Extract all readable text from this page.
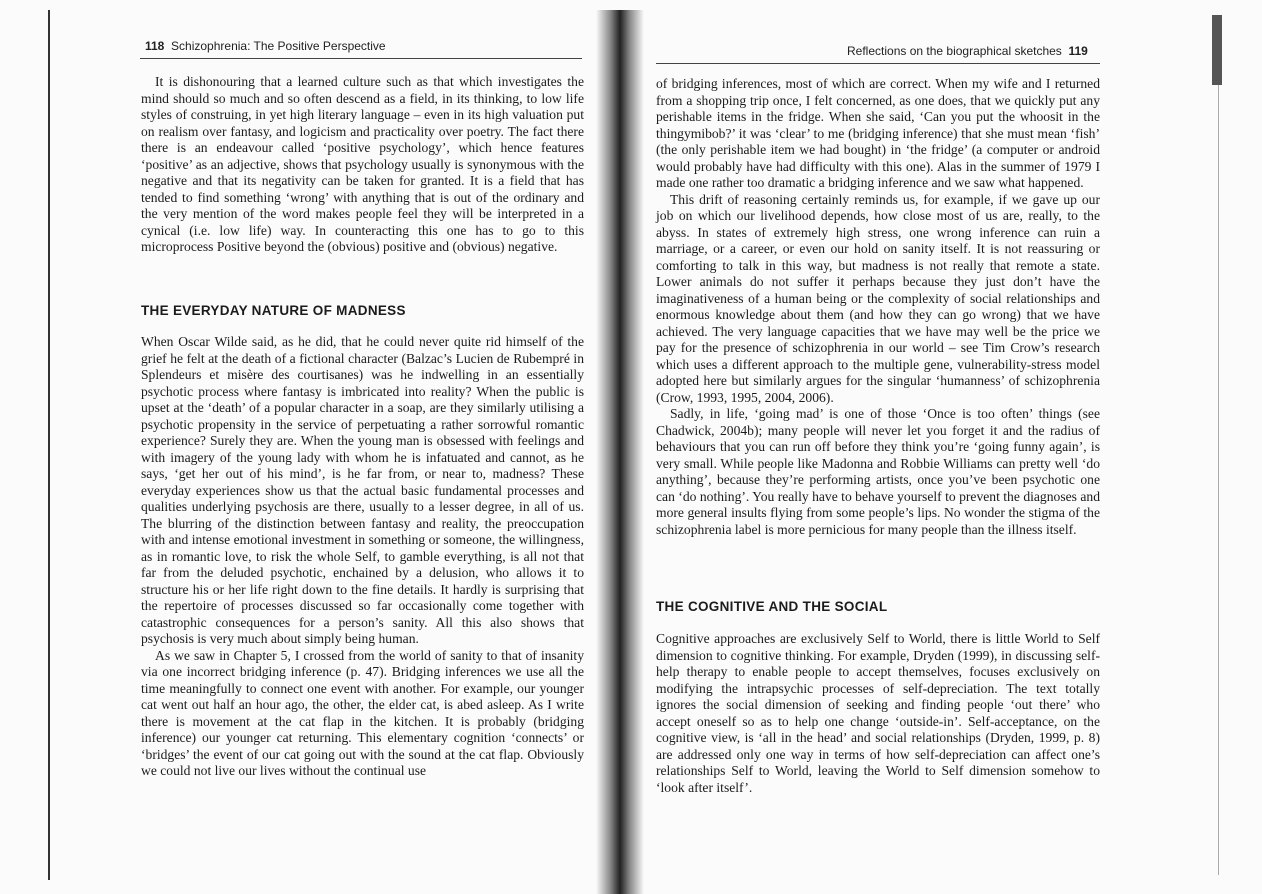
118 Schizophrenia: The Positive Perspective

It is dishonouring that a learned culture such as that which investigates the mind should so much and so often descend as a field, in its thinking, to low life styles of construing, in yet high literary language – even in its high valuation put on realism over fantasy, and logicism and practicality over poetry. The fact there there is an endeavour called ‘positive psychology’, which hence features ‘positive’ as an adjective, shows that psychology usually is synonymous with the negative and that its negativity can be taken for granted. It is a field that has tended to find something ‘wrong’ with anything that is out of the ordinary and the very mention of the word makes people feel they will be interpreted in a cynical (i.e. low life) way. In counteracting this one has to go to this microprocess Positive beyond the (obvious) positive and (obvious) negative.

THE EVERYDAY NATURE OF MADNESS

When Oscar Wilde said, as he did, that he could never quite rid himself of the grief he felt at the death of a fictional character (Balzac’s Lucien de Rubempré in Splendeurs et misère des courtisanes) was he indwelling in an essentially psychotic process where fantasy is imbricated into reality? When the public is upset at the ‘death’ of a popular character in a soap, are they similarly utilising a psychotic propensity in the service of perpetuating a rather sorrowful romantic experience? Surely they are. When the young man is obsessed with feelings and with imagery of the young lady with whom he is infatuated and cannot, as he says, ‘get her out of his mind’, is he far from, or near to, madness? These everyday experiences show us that the actual basic fundamental processes and qualities underlying psychosis are there, usually to a lesser degree, in all of us. The blurring of the distinction between fantasy and reality, the preoccupation with and intense emotional investment in something or someone, the willingness, as in romantic love, to risk the whole Self, to gamble everything, is all not that far from the deluded psychotic, enchained by a delusion, who allows it to structure his or her life right down to the fine details. It hardly is surprising that the repertoire of processes discussed so far occasionally come together with catastrophic consequences for a person’s sanity. All this also shows that psychosis is very much about simply being human.

As we saw in Chapter 5, I crossed from the world of sanity to that of insanity via one incorrect bridging inference (p. 47). Bridging inferences we use all the time meaningfully to connect one event with another. For example, our younger cat went out half an hour ago, the other, the elder cat, is abed asleep. As I write there is movement at the cat flap in the kitchen. It is probably (bridging inference) our younger cat returning. This elementary cognition ‘connects’ or ‘bridges’ the event of our cat going out with the sound at the cat flap. Obviously we could not live our lives without the continual use

Reflections on the biographical sketches 119

of bridging inferences, most of which are correct. When my wife and I returned from a shopping trip once, I felt concerned, as one does, that we quickly put any perishable items in the fridge. When she said, ‘Can you put the whoosit in the thingymibob?’ it was ‘clear’ to me (bridging inference) that she must mean ‘fish’ (the only perishable item we had bought) in ‘the fridge’ (a computer or android would probably have had difficulty with this one). Alas in the summer of 1979 I made one rather too dramatic a bridging inference and we saw what happened.

This drift of reasoning certainly reminds us, for example, if we gave up our job on which our livelihood depends, how close most of us are, really, to the abyss. In states of extremely high stress, one wrong inference can ruin a marriage, or a career, or even our hold on sanity itself. It is not reassuring or comforting to talk in this way, but madness is not really that remote a state. Lower animals do not suffer it perhaps because they just don’t have the imaginativeness of a human being or the complexity of social relationships and enormous knowledge about them (and how they can go wrong) that we have achieved. The very language capacities that we have may well be the price we pay for the presence of schizophrenia in our world – see Tim Crow’s research which uses a different approach to the multiple gene, vulnerability-stress model adopted here but similarly argues for the singular ‘humanness’ of schizophrenia (Crow, 1993, 1995, 2004, 2006).

Sadly, in life, ‘going mad’ is one of those ‘Once is too often’ things (see Chadwick, 2004b); many people will never let you forget it and the radius of behaviours that you can run off before they think you’re ‘going funny again’, is very small. While people like Madonna and Robbie Williams can pretty well ‘do anything’, because they’re performing artists, once you’ve been psychotic one can ‘do nothing’. You really have to behave yourself to prevent the diagnoses and more general insults flying from some people’s lips. No wonder the stigma of the schizophrenia label is more pernicious for many people than the illness itself.

THE COGNITIVE AND THE SOCIAL

Cognitive approaches are exclusively Self to World, there is little World to Self dimension to cognitive thinking. For example, Dryden (1999), in discussing self-help therapy to enable people to accept themselves, focuses exclusively on modifying the intrapsychic processes of self-depreciation. The text totally ignores the social dimension of seeking and finding people ‘out there’ who accept oneself so as to help one change ‘outside-in’. Self-acceptance, on the cognitive view, is ‘all in the head’ and social relationships (Dryden, 1999, p. 8) are addressed only one way in terms of how self-depreciation can affect one’s relationships Self to World, leaving the World to Self dimension somehow to ‘look after itself’.
